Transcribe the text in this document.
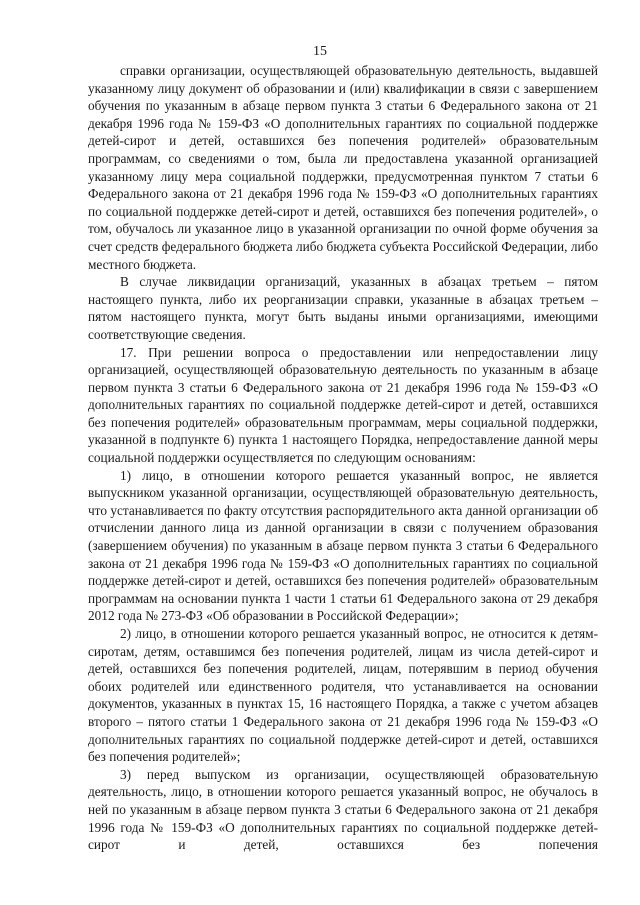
15

справки организации, осуществляющей образовательную деятельность, выдавшей указанному лицу документ об образовании и (или) квалификации в связи с завершением обучения по указанным в абзаце первом пункта 3 статьи 6 Федерального закона от 21 декабря 1996 года № 159-ФЗ «О дополнительных гарантиях по социальной поддержке детей-сирот и детей, оставшихся без попечения родителей» образовательным программам, со сведениями о том, была ли предоставлена указанной организацией указанному лицу мера социальной поддержки, предусмотренная пунктом 7 статьи 6 Федерального закона от 21 декабря 1996 года № 159-ФЗ «О дополнительных гарантиях по социальной поддержке детей-сирот и детей, оставшихся без попечения родителей», о том, обучалось ли указанное лицо в указанной организации по очной форме обучения за счет средств федерального бюджета либо бюджета субъекта Российской Федерации, либо местного бюджета.

В случае ликвидации организаций, указанных в абзацах третьем – пятом настоящего пункта, либо их реорганизации справки, указанные в абзацах третьем – пятом настоящего пункта, могут быть выданы иными организациями, имеющими соответствующие сведения.

17. При решении вопроса о предоставлении или непредоставлении лицу организацией, осуществляющей образовательную деятельность по указанным в абзаце первом пункта 3 статьи 6 Федерального закона от 21 декабря 1996 года № 159-ФЗ «О дополнительных гарантиях по социальной поддержке детей-сирот и детей, оставшихся без попечения родителей» образовательным программам, меры социальной поддержки, указанной в подпункте 6) пункта 1 настоящего Порядка, непредоставление данной меры социальной поддержки осуществляется по следующим основаниям:

1) лицо, в отношении которого решается указанный вопрос, не является выпускником указанной организации, осуществляющей образовательную деятельность, что устанавливается по факту отсутствия распорядительного акта данной организации об отчислении данного лица из данной организации в связи с получением образования (завершением обучения) по указанным в абзаце первом пункта 3 статьи 6 Федерального закона от 21 декабря 1996 года № 159-ФЗ «О дополнительных гарантиях по социальной поддержке детей-сирот и детей, оставшихся без попечения родителей» образовательным программам на основании пункта 1 части 1 статьи 61 Федерального закона от 29 декабря 2012 года № 273-ФЗ «Об образовании в Российской Федерации»;

2) лицо, в отношении которого решается указанный вопрос, не относится к детям-сиротам, детям, оставшимся без попечения родителей, лицам из числа детей-сирот и детей, оставшихся без попечения родителей, лицам, потерявшим в период обучения обоих родителей или единственного родителя, что устанавливается на основании документов, указанных в пунктах 15, 16 настоящего Порядка, а также с учетом абзацев второго – пятого статьи 1 Федерального закона от 21 декабря 1996 года № 159-ФЗ «О дополнительных гарантиях по социальной поддержке детей-сирот и детей, оставшихся без попечения родителей»;

3) перед выпуском из организации, осуществляющей образовательную деятельность, лицо, в отношении которого решается указанный вопрос, не обучалось в ней по указанным в абзаце первом пункта 3 статьи 6 Федерального закона от 21 декабря 1996 года № 159-ФЗ «О дополнительных гарантиях по социальной поддержке детей-сирот и детей, оставшихся без попечения
